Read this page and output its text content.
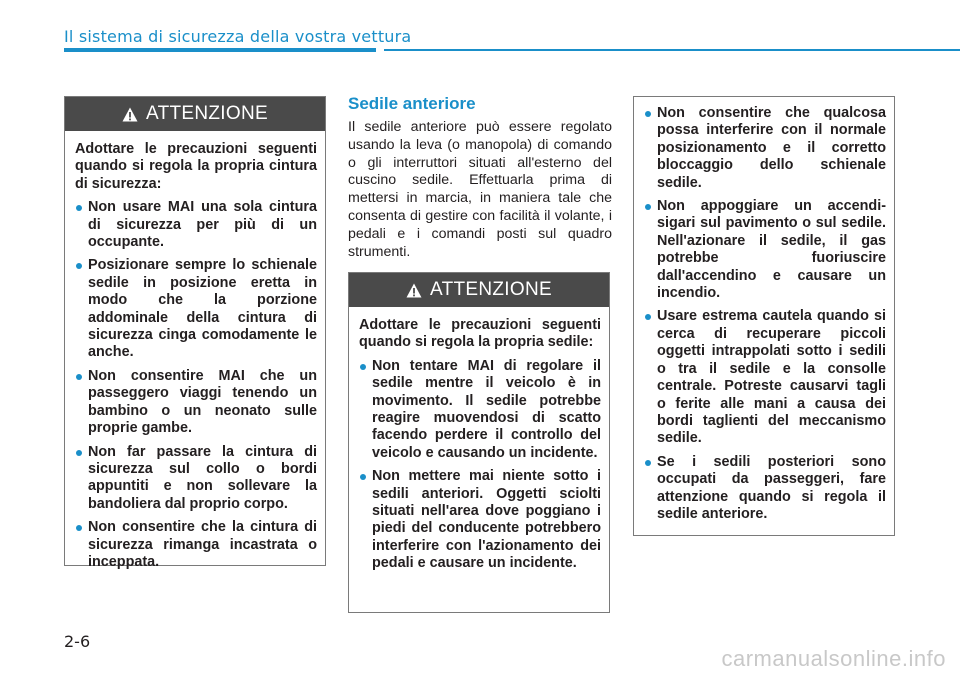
Il sistema di sicurezza della vostra vettura
ATTENZIONE

Adottare le precauzioni seguenti quando si regola la propria cintura di sicurezza:

Non usare MAI una sola cintura di sicurezza per più di un occupante.
Posizionare sempre lo schienale sedile in posizione eretta in modo che la porzione addominale della cintura di sicurezza cinga comodamente le anche.
Non consentire MAI che un passeggero viaggi tenendo un bambino o un neonato sulle proprie gambe.
Non far passare la cintura di sicurezza sul collo o bordi appuntiti e non sollevare la bandoliera dal proprio corpo.
Non consentire che la cintura di sicurezza rimanga incastrata o inceppata.
Sedile anteriore
Il sedile anteriore può essere regolato usando la leva (o manopola) di comando o gli interruttori situati all'esterno del cuscino sedile. Effettuarla prima di mettersi in marcia, in maniera tale che consenta di gestire con facilità il volante, i pedali e i comandi posti sul quadro strumenti.
ATTENZIONE

Adottare le precauzioni seguenti quando si regola la propria sedile:

Non tentare MAI di regolare il sedile mentre il veicolo è in movimento. Il sedile potrebbe reagire muovendosi di scatto facendo perdere il controllo del veicolo e causando un incidente.
Non mettere mai niente sotto i sedili anteriori. Oggetti sciolti situati nell'area dove poggiano i piedi del conducente potrebbero interferire con l'azionamento dei pedali e causare un incidente.
Non consentire che qualcosa possa interferire con il normale posizionamento e il corretto bloccaggio dello schienale sedile.
Non appoggiare un accendi-sigari sul pavimento o sul sedile. Nell'azionare il sedile, il gas potrebbe fuoriuscire dall'accendino e causare un incendio.
Usare estrema cautela quando si cerca di recuperare piccoli oggetti intrappolati sotto i sedili o tra il sedile e la consolle centrale. Potreste causarvi tagli o ferite alle mani a causa dei bordi taglienti del meccanismo sedile.
Se i sedili posteriori sono occupati da passeggeri, fare attenzione quando si regola il sedile anteriore.
2-6
carmanualsonline.info
